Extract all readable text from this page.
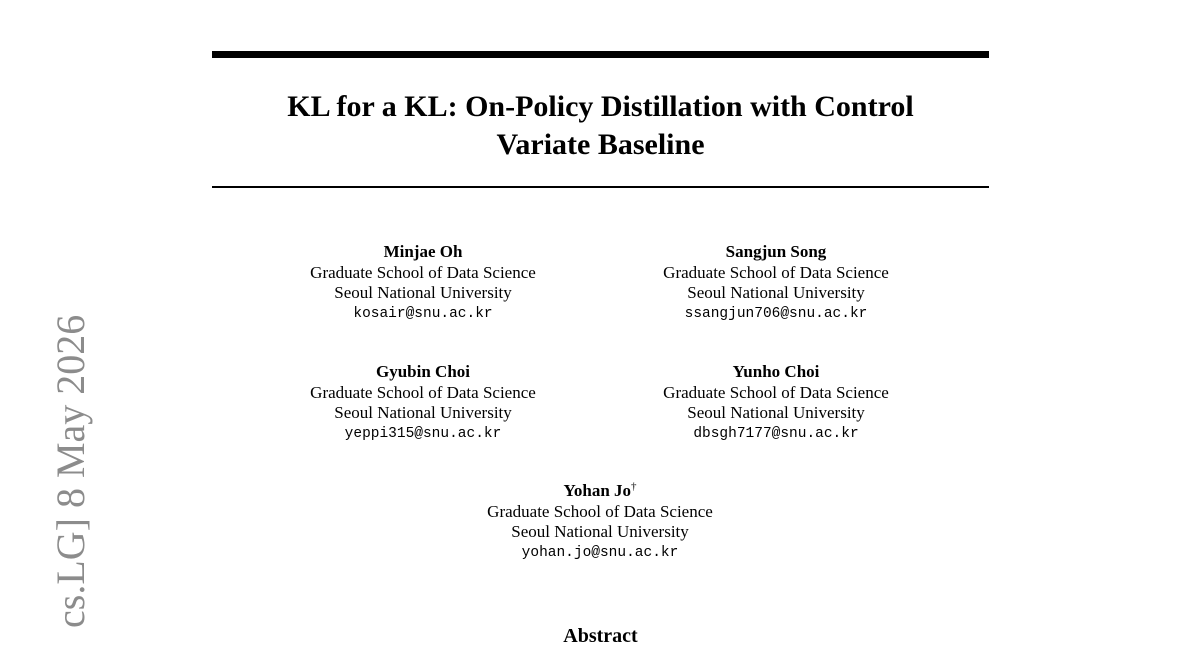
KL for a KL: On-Policy Distillation with Control
Variate Baseline
Minjae Oh
Graduate School of Data Science
Seoul National University
kosair@snu.ac.kr
Sangjun Song
Graduate School of Data Science
Seoul National University
ssangjun706@snu.ac.kr
Gyubin Choi
Graduate School of Data Science
Seoul National University
yeppi315@snu.ac.kr
Yunho Choi
Graduate School of Data Science
Seoul National University
dbsgh7177@snu.ac.kr
Yohan Jo†
Graduate School of Data Science
Seoul National University
yohan.jo@snu.ac.kr
Abstract
cs.LG] 8 May 2026
